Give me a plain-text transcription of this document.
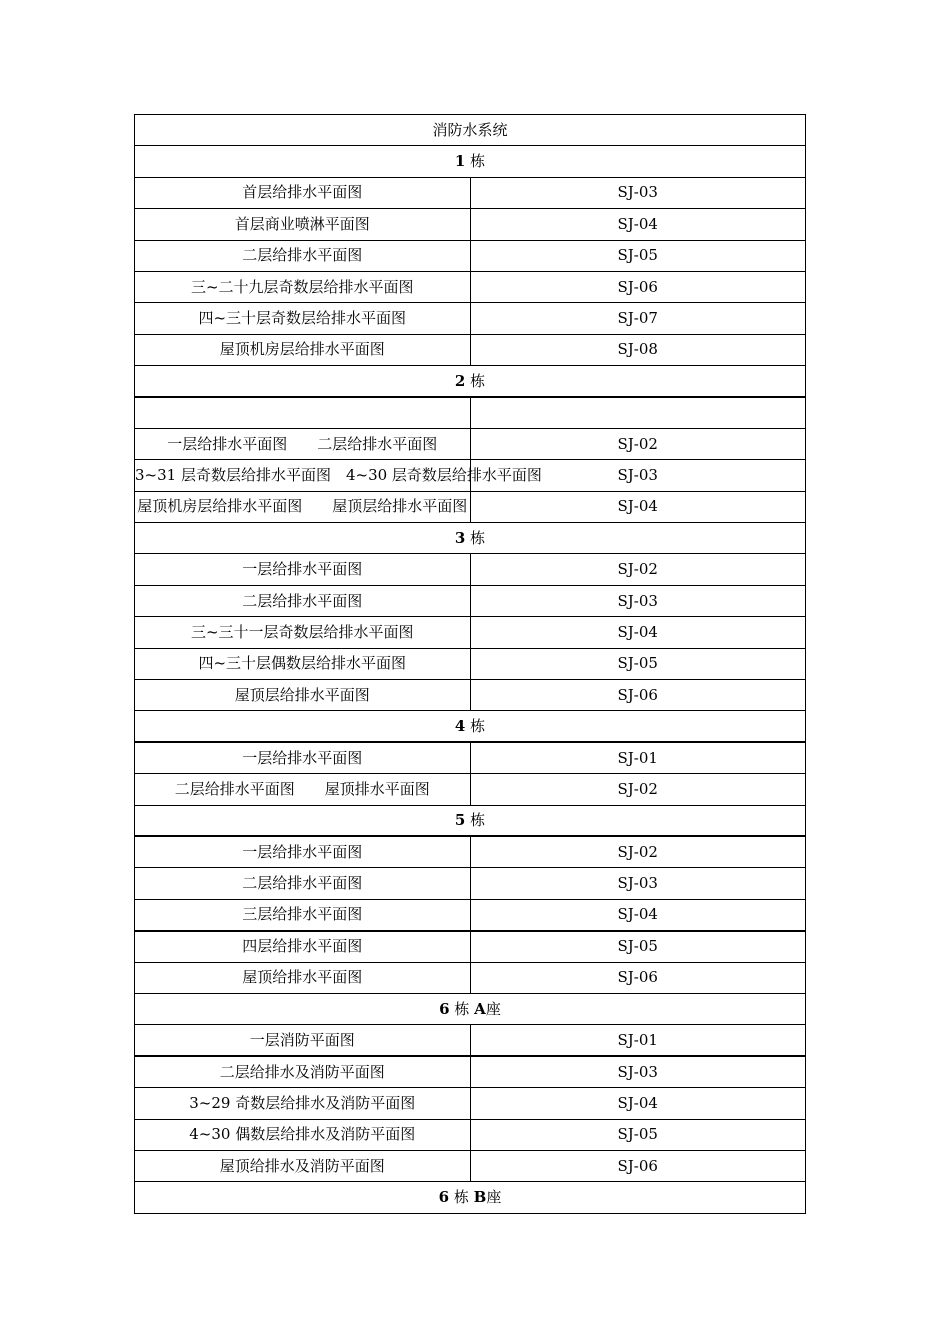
消防水系统	
1 栋	
首层给排水平面图	SJ-03
首层商业喷淋平面图	SJ-04
二层给排水平面图	SJ-05
三~二十九层奇数层给排水平面图	SJ-06
四~三十层奇数层给排水平面图	SJ-07
屋顶机房层给排水平面图	SJ-08
2 栋	

一层给排水平面图　　二层给排水平面图	SJ-02
3~31 层奇数层给排水平面图　4~30 层奇数层给排水平面图	SJ-03
屋顶机房层给排水平面图　　屋顶层给排水平面图	SJ-04
3 栋	
一层给排水平面图	SJ-02
二层给排水平面图	SJ-03
三~三十一层奇数层给排水平面图	SJ-04
四~三十层偶数层给排水平面图	SJ-05
屋顶层给排水平面图	SJ-06
4 栋	
一层给排水平面图	SJ-01
二层给排水平面图　　屋顶排水平面图	SJ-02
5 栋	
一层给排水平面图	SJ-02
二层给排水平面图	SJ-03
三层给排水平面图	SJ-04
四层给排水平面图	SJ-05
屋顶给排水平面图	SJ-06
6 栋 A座	
一层消防平面图	SJ-01
二层给排水及消防平面图	SJ-03
3~29 奇数层给排水及消防平面图	SJ-04
4~30 偶数层给排水及消防平面图	SJ-05
屋顶给排水及消防平面图	SJ-06
6 栋 B座	
